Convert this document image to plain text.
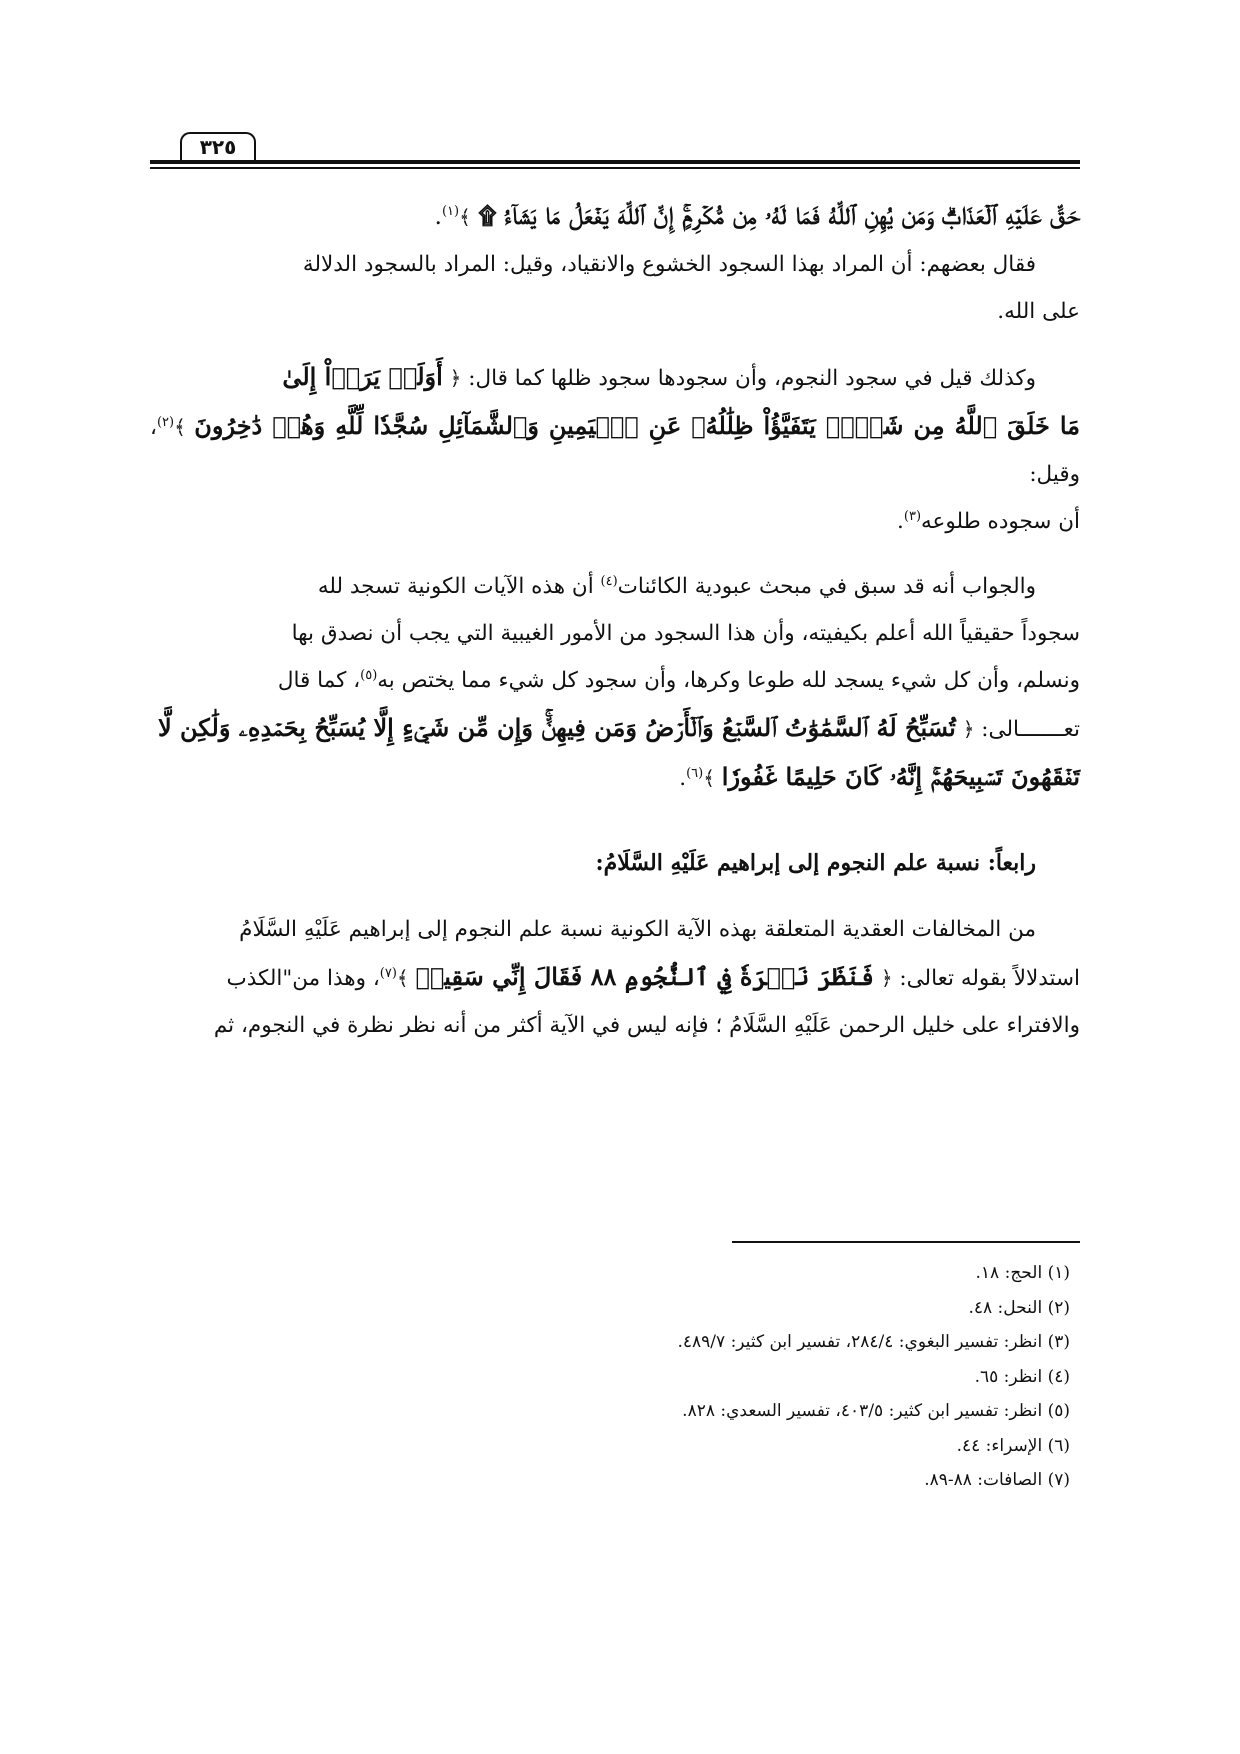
٣٢٥
حَقَّ عَلَيۡهِ ٱلۡعَذَابُۗ وَمَن يُهِنِ ٱللَّهُ فَمَا لَهُۥ مِن مُّكۡرِمٍۚ إِنَّ ٱللَّهَ يَفۡعَلُ مَا يَشَآءُ ۩ ﴾$^{(١)}$.
فقال بعضهم: أن المراد بهذا السجود الخشوع والانقياد، وقيل: المراد بالسجود الدلالة
على الله.
وكذلك قيل في سجود النجوم، وأن سجودها سجود ظلها كما قال: ﴿ أَوَلَمۡ يَرَوۡاْ إِلَىٰ
مَا خَلَقَ ٱللَّهُ مِن شَيۡءٖ يَتَفَيَّؤُاْ ظِلَٰلُهُۥ عَنِ ٱلۡيَمِينِ وَٱلشَّمَآئِلِ سُجَّدٗا لِّلَّهِ وَهُمۡ دَٰخِرُونَ ﴾$^{(٢)}$، وقيل:
أن سجوده طلوعه$^{(٣)}$.
والجواب أنه قد سبق في مبحث عبودية الكائنات$^{(٤)}$ أن هذه الآيات الكونية تسجد لله
سجوداً حقيقياً الله أعلم بكيفيته، وأن هذا السجود من الأمور الغيبية التي يجب أن نصدق بها
ونسلم، وأن كل شيء يسجد لله طوعا وكرها، وأن سجود كل شيء مما يختص به$^{(٥)}$، كما قال
تعـــــــالى: ﴿ تُسَبِّحُ لَهُ ٱلسَّمَٰوَٰتُ ٱلسَّبۡعُ وَٱلۡأَرۡضُ وَمَن فِيهِنَّۚ وَإِن مِّن شَيۡءٍ إِلَّا يُسَبِّحُ بِحَمۡدِهِۦ وَلَٰكِن لَّا
تَفۡقَهُونَ تَسۡبِيحَهُمۡۚ إِنَّهُۥ كَانَ حَلِيمًا غَفُورٗا ﴾$^{(٦)}$.
رابعاً: نسبة علم النجوم إلى إبراهيم عَلَيْهِ السَّلَامُ:
من المخالفات العقدية المتعلقة بهذه الآية الكونية نسبة علم النجوم إلى إبراهيم عَلَيْهِ السَّلَامُ
استدلالاً بقوله تعالى: ﴿ فَنَظَرَ نَظۡرَةٗ فِي ٱلنُّجُومِ ٨٨ فَقَالَ إِنِّي سَقِيمٞ ﴾$^{(٧)}$، وهذا من"الكذب
والافتراء على خليل الرحمن عَلَيْهِ السَّلَامُ ؛ فإنه ليس في الآية أكثر من أنه نظر نظرة في النجوم، ثم
(١) الحج: ١٨.
(٢) النحل: ٤٨.
(٣) انظر: تفسير البغوي: ٢٨٤/٤، تفسير ابن كثير: ٤٨٩/٧.
(٤) انظر: ٦٥.
(٥) انظر: تفسير ابن كثير: ٤٠٣/٥، تفسير السعدي: ٨٢٨.
(٦) الإسراء: ٤٤.
(٧) الصافات: ٨٨-٨٩.
